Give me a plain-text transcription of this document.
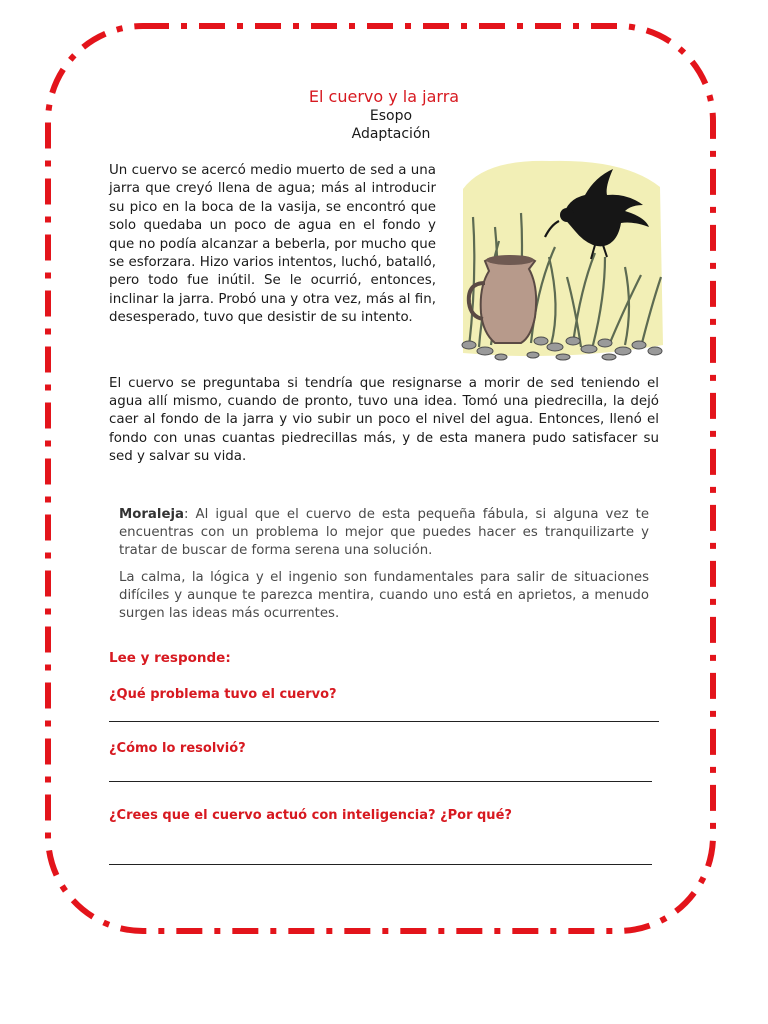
El cuervo y la jarra
Esopo
Adaptación

Un cuervo se acercó medio muerto de sed a una jarra que creyó llena de agua; más al introducir su pico en la boca de la vasija, se encontró que solo quedaba un poco de agua en el fondo y que no podía alcanzar a beberla, por mucho que se esforzara. Hizo varios intentos, luchó, batalló, pero todo fue inútil. Se le ocurrió, entonces, inclinar la jarra. Probó una y otra vez, más al fin, desesperado, tuvo que desistir de su intento.

El cuervo se preguntaba si tendría que resignarse a morir de sed teniendo el agua allí mismo, cuando de pronto, tuvo una idea. Tomó una piedrecilla, la dejó caer al fondo de la jarra y vio subir un poco el nivel del agua. Entonces, llenó el fondo con unas cuantas piedrecillas más, y de esta manera pudo satisfacer su sed y salvar su vida.

Moraleja: Al igual que el cuervo de esta pequeña fábula, si alguna vez te encuentras con un problema lo mejor que puedes hacer es tranquilizarte y tratar de buscar de forma serena una solución.

La calma, la lógica y el ingenio son fundamentales para salir de situaciones difíciles y aunque te parezca mentira, cuando uno está en aprietos, a menudo surgen las ideas más ocurrentes.

Lee y responde:

¿Qué problema tuvo el cuervo?

¿Cómo lo resolvió?

¿Crees que el cuervo actuó con inteligencia? ¿Por qué?
